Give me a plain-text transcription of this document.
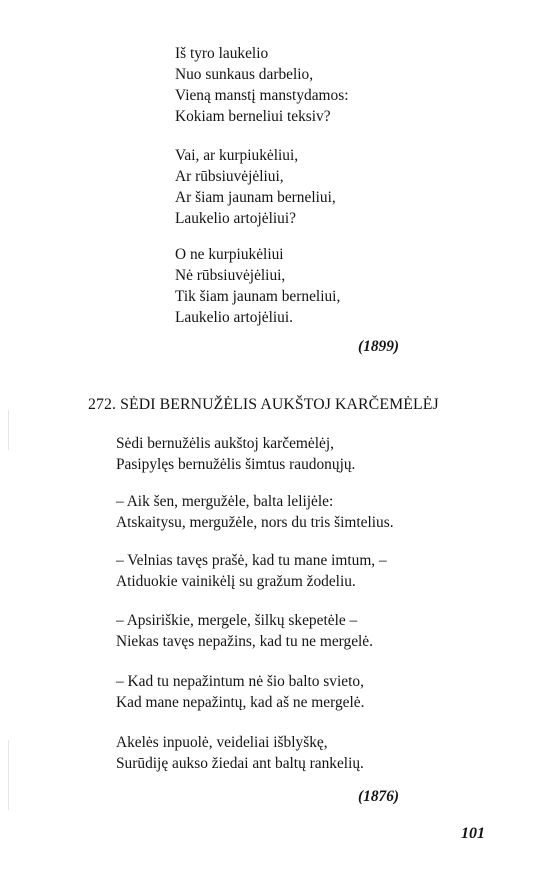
Iš tyro laukelio
Nuo sunkaus darbelio,
Vieną manstį manstydamos:
Kokiam berneliui teksiv?
Vai, ar kurpiukėliui,
Ar rūbsiuvėjėliui,
Ar šiam jaunam berneliui,
Laukelio artojėliui?
O ne kurpiukėliui
Nė rūbsiuvėjėliui,
Tik šiam jaunam berneliui,
Laukelio artojėliui.
(1899)
272. SĖDI BERNUŽĖLIS AUKŠTOJ KARČEMĖLĖJ
Sėdi bernužėlis aukštoj karčemėlėj,
Pasipylęs bernužėlis šimtus raudonųjų.
– Aik šen, mergužėle, balta lelijėle:
Atskaitysu, mergužėle, nors du tris šimtelius.
– Velnias tavęs prašė, kad tu mane imtum, –
Atiduokie vainikėlį su gražum žodeliu.
– Apsiriškie, mergele, šilkų skepetėle –
Niekas tavęs nepažins, kad tu ne mergelė.
– Kad tu nepažintum nė šio balto svieto,
Kad mane nepažintų, kad aš ne mergelė.
Akelės inpuolė, veideliai išblyškę,
Surūdiję aukso žiedai ant baltų rankelių.
(1876)
101
